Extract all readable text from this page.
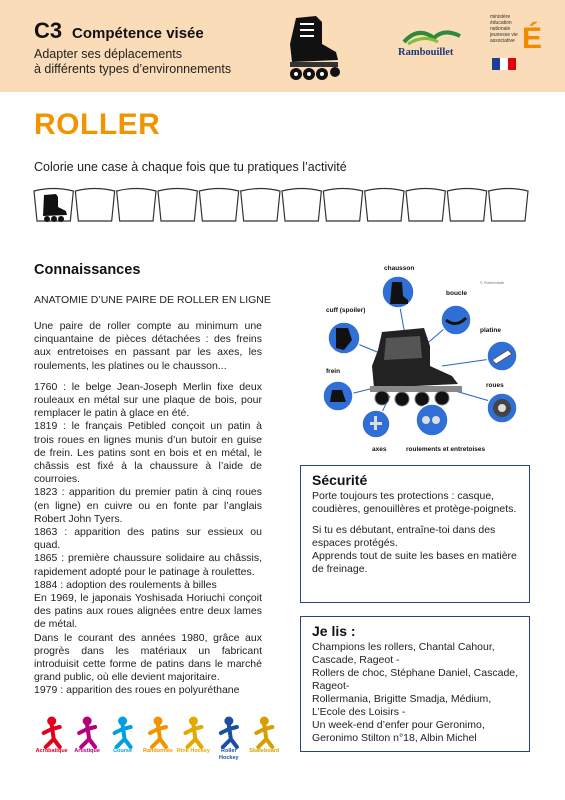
C3 Compétence visée
Adapter ses déplacements
à différents types d’environnements
Rambouillet
ministère éducation nationale jeunesse vie associative É
ROLLER
Colorie une case à chaque fois que tu pratiques l’activité
Connaissances
ANATOMIE D’UNE PAIRE DE ROLLER EN LIGNE

Une paire de roller compte au minimum une cinquantaine de pièces détachées : des freins aux entretoises en passant par les axes, les roulements, les platines ou le chausson...

1760 : le belge Jean-Joseph Merlin fixe deux rouleaux en métal sur une plaque de bois, pour remplacer le patin à glace en été.

1819 : le français Petibled conçoit un patin à trois roues en lignes munis d’un butoir en guise de frein. Les patins sont en bois et en métal, le châssis est fixé à la chaussure à l’aide de courroies.

1823 : apparition du premier patin à cinq roues (en ligne) en cuivre ou en fonte par l’anglais Robert John Tyers.

1863 : apparition des patins sur essieux ou quad.

1865 : première chaussure solidaire au châssis, rapidement adopté pour le patinage à roulettes.

1884 : adoption des roulements à billes

En 1969, le japonais Yoshisada Horiuchi conçoit des patins aux roues alignées entre deux lames de métal.

Dans le courant des années 1980, grâce aux progrès dans les matériaux un fabricant introduisit cette forme de patins dans le marché grand public, où elle devient majoritaire.

1979 : apparition des roues en polyuréthane

chausson
boucle
cuff (spoiler)
platine
frein
roues
axes	roulements et entretoises
© Rollerblade
Sécurité

Porte toujours tes protections : casque, coudières, genouillères et protège-poignets.

Si tu es débutant, entraîne-toi dans des espaces protégés.

Apprends tout de suite les bases en matière de freinage.

Je lis :

Champions les rollers, Chantal Cahour, Cascade, Rageot -

Rollers de choc, Stéphane Daniel, Cascade, Rageot-

Rollermania, Brigitte Smadja, Médium, L’Ecole des Loisirs -

Un week-end d’enfer pour Geronimo, Geronimo Stilton n°18, Albin Michel

Acrobatique	Artistique	Course	Randonnée Rink Hockey	Roller Hockey
Skateboard
